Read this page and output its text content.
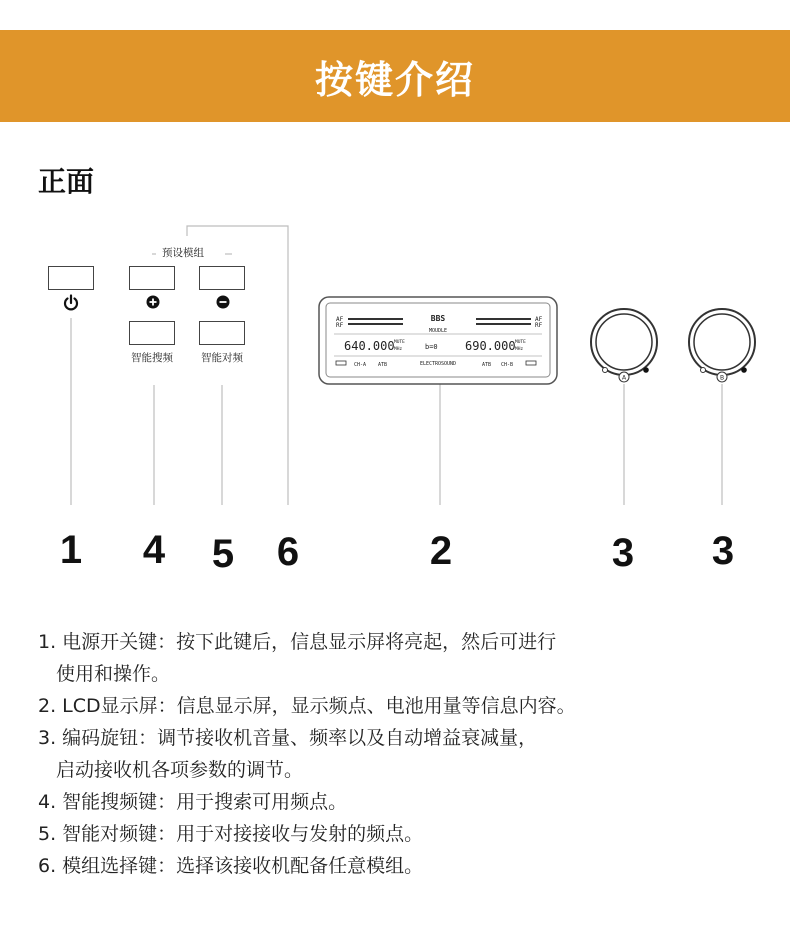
按键介绍
正面
预设模组
智能搜频	智能对频
AF
RF
AF
RF
BBS
MOUDLE
640.000 MUTE
MHz	b=0 690.000 MUTE
MHz
CH-A ATB	ELECTROSOUND	ATB CH-B
A	B
1 4 5 6	2	3 3
1. 电源开关键：按下此键后，信息显示屏将亮起，然后可进行
使用和操作。
2. LCD显示屏：信息显示屏，显示频点、电池用量等信息内容。
3. 编码旋钮：调节接收机音量、频率以及自动增益衰减量，
启动接收机各项参数的调节。
4. 智能搜频键：用于搜索可用频点。
5. 智能对频键：用于对接接收与发射的频点。
6. 模组选择键：选择该接收机配备任意模组。
